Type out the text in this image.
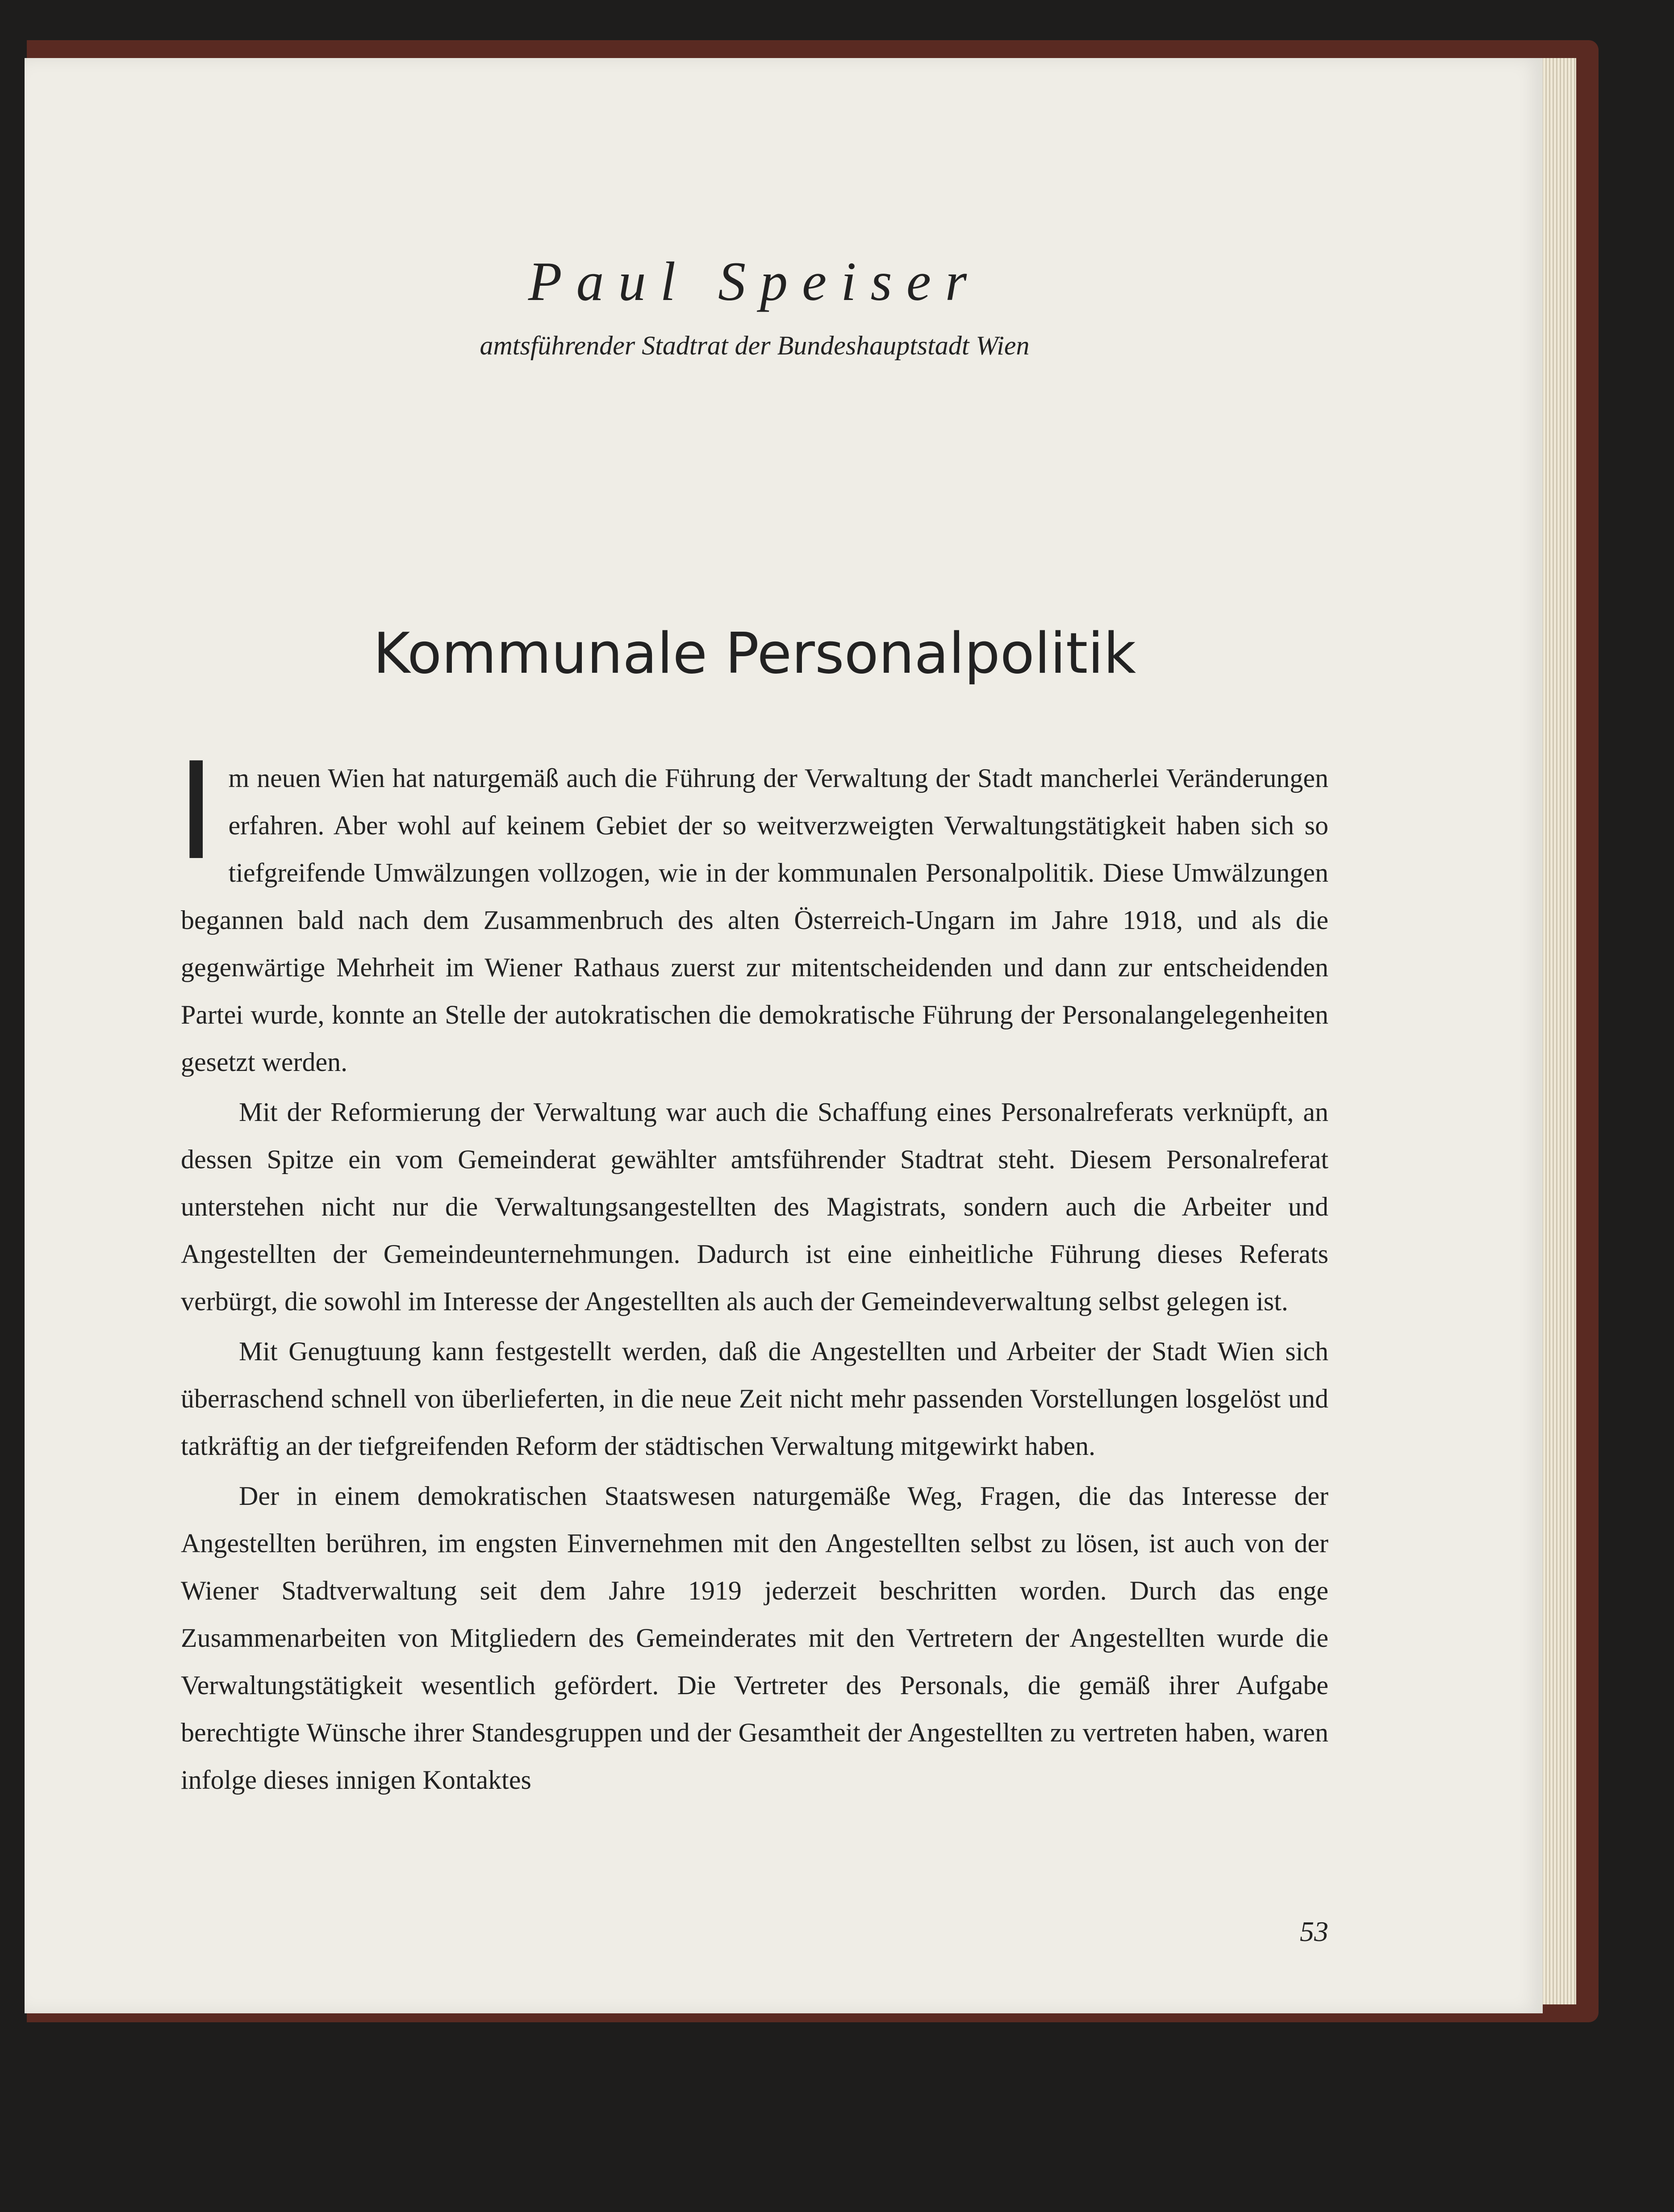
Paul Speiser
amtsführender Stadtrat der Bundeshauptstadt Wien
Kommunale Personalpolitik

Im neuen Wien hat naturgemäß auch die Führung der Verwaltung der Stadt mancherlei Veränderungen erfahren. Aber wohl auf keinem Gebiet der so weitverzweigten Verwaltungstätigkeit haben sich so tiefgreifende Umwälzungen vollzogen, wie in der kommunalen Personalpolitik. Diese Umwälzungen begannen bald nach dem Zusammenbruch des alten Österreich-Ungarn im Jahre 1918, und als die gegenwärtige Mehrheit im Wiener Rathaus zuerst zur mitentscheidenden und dann zur entscheidenden Partei wurde, konnte an Stelle der autokratischen die demokratische Führung der Personalangelegenheiten gesetzt werden.

Mit der Reformierung der Verwaltung war auch die Schaffung eines Personalreferats verknüpft, an dessen Spitze ein vom Gemeinderat gewählter amtsführender Stadtrat steht. Diesem Personalreferat unterstehen nicht nur die Verwaltungsangestellten des Magistrats, sondern auch die Arbeiter und Angestellten der Gemeindeunternehmungen. Dadurch ist eine einheitliche Führung dieses Referats verbürgt, die sowohl im Interesse der Angestellten als auch der Gemeindeverwaltung selbst gelegen ist.

Mit Genugtuung kann festgestellt werden, daß die Angestellten und Arbeiter der Stadt Wien sich überraschend schnell von überlieferten, in die neue Zeit nicht mehr passenden Vorstellungen losgelöst und tatkräftig an der tiefgreifenden Reform der städtischen Verwaltung mitgewirkt haben.

Der in einem demokratischen Staatswesen naturgemäße Weg, Fragen, die das Interesse der Angestellten berühren, im engsten Einvernehmen mit den Angestellten selbst zu lösen, ist auch von der Wiener Stadtverwaltung seit dem Jahre 1919 jederzeit beschritten worden. Durch das enge Zusammenarbeiten von Mitgliedern des Gemeinderates mit den Vertretern der Angestellten wurde die Verwaltungstätigkeit wesentlich gefördert. Die Vertreter des Personals, die gemäß ihrer Aufgabe berechtigte Wünsche ihrer Standesgruppen und der Gesamtheit der Angestellten zu vertreten haben, waren infolge dieses innigen Kontaktes

53
